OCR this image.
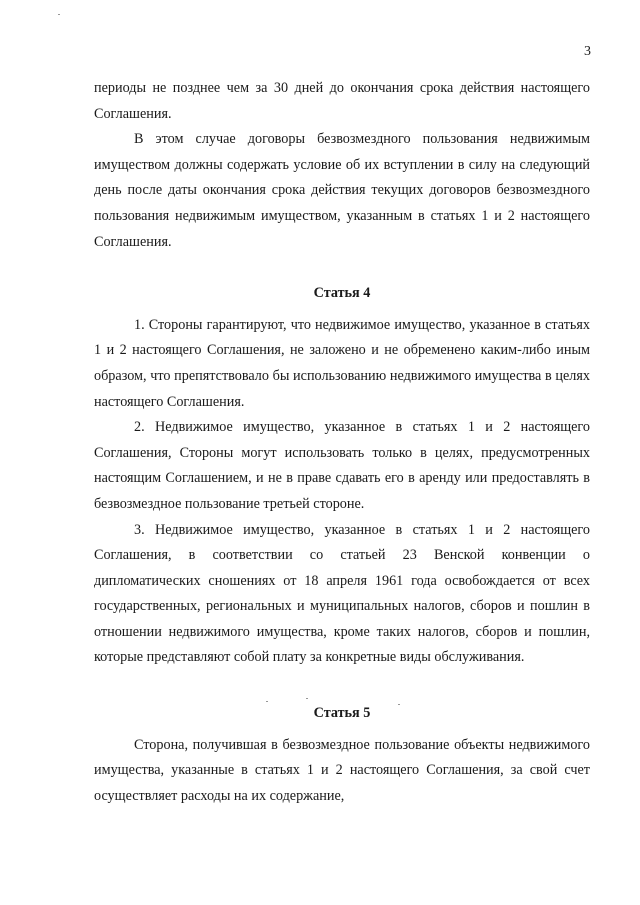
3

периоды не позднее чем за 30 дней до окончания срока действия настоящего Соглашения.

В этом случае договоры безвозмездного пользования недвижимым имуществом должны содержать условие об их вступлении в силу на следующий день после даты окончания срока действия текущих договоров безвозмездного пользования недвижимым имуществом, указанным в статьях 1 и 2 настоящего Соглашения.

Статья 4

1. Стороны гарантируют, что недвижимое имущество, указанное в статьях 1 и 2 настоящего Соглашения, не заложено и не обременено каким-либо иным образом, что препятствовало бы использованию недвижимого имущества в целях настоящего Соглашения.

2. Недвижимое имущество, указанное в статьях 1 и 2 настоящего Соглашения, Стороны могут использовать только в целях, предусмотренных настоящим Соглашением, и не в праве сдавать его в аренду или предоставлять в безвозмездное пользование третьей стороне.

3. Недвижимое имущество, указанное в статьях 1 и 2 настоящего Соглашения, в соответствии со статьей 23 Венской конвенции о дипломатических сношениях от 18 апреля 1961 года освобождается от всех государственных, региональных и муниципальных налогов, сборов и пошлин в отношении недвижимого имущества, кроме таких налогов, сборов и пошлин, которые представляют собой плату за конкретные виды обслуживания.

Статья 5

Сторона, получившая в безвозмездное пользование объекты недвижимого имущества, указанные в статьях 1 и 2 настоящего Соглашения, за свой счет осуществляет расходы на их содержание,
